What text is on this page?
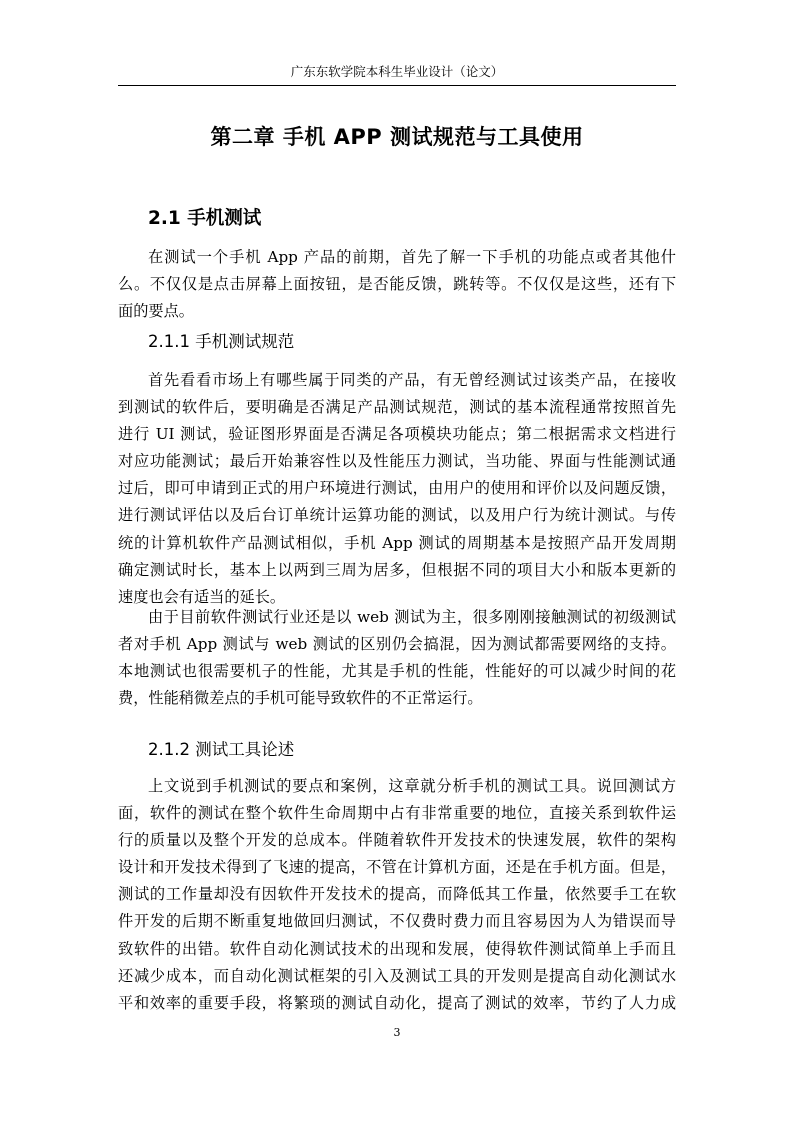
广东东软学院本科生毕业设计（论文）
第二章 手机 APP 测试规范与工具使用
2.1 手机测试
在测试一个手机 App 产品的前期，首先了解一下手机的功能点或者其他什
么。不仅仅是点击屏幕上面按钮，是否能反馈，跳转等。不仅仅是这些，还有下
面的要点。
2.1.1 手机测试规范
首先看看市场上有哪些属于同类的产品，有无曾经测试过该类产品，在接收
到测试的软件后，要明确是否满足产品测试规范，测试的基本流程通常按照首先
进行 UI 测试，验证图形界面是否满足各项模块功能点；第二根据需求文档进行
对应功能测试；最后开始兼容性以及性能压力测试，当功能、界面与性能测试通
过后，即可申请到正式的用户环境进行测试，由用户的使用和评价以及问题反馈，
进行测试评估以及后台订单统计运算功能的测试，以及用户行为统计测试。与传
统的计算机软件产品测试相似，手机 App 测试的周期基本是按照产品开发周期
确定测试时长，基本上以两到三周为居多，但根据不同的项目大小和版本更新的
速度也会有适当的延长。
由于目前软件测试行业还是以 web 测试为主，很多刚刚接触测试的初级测试
者对手机 App 测试与 web 测试的区别仍会搞混，因为测试都需要网络的支持。
本地测试也很需要机子的性能，尤其是手机的性能，性能好的可以减少时间的花
费，性能稍微差点的手机可能导致软件的不正常运行。
2.1.2 测试工具论述
上文说到手机测试的要点和案例，这章就分析手机的测试工具。说回测试方
面，软件的测试在整个软件生命周期中占有非常重要的地位，直接关系到软件运
行的质量以及整个开发的总成本。伴随着软件开发技术的快速发展，软件的架构
设计和开发技术得到了飞速的提高，不管在计算机方面，还是在手机方面。但是，
测试的工作量却没有因软件开发技术的提高，而降低其工作量，依然要手工在软
件开发的后期不断重复地做回归测试，不仅费时费力而且容易因为人为错误而导
致软件的出错。软件自动化测试技术的出现和发展，使得软件测试简单上手而且
还减少成本，而自动化测试框架的引入及测试工具的开发则是提高自动化测试水
平和效率的重要手段，将繁琐的测试自动化，提高了测试的效率，节约了人力成
3
